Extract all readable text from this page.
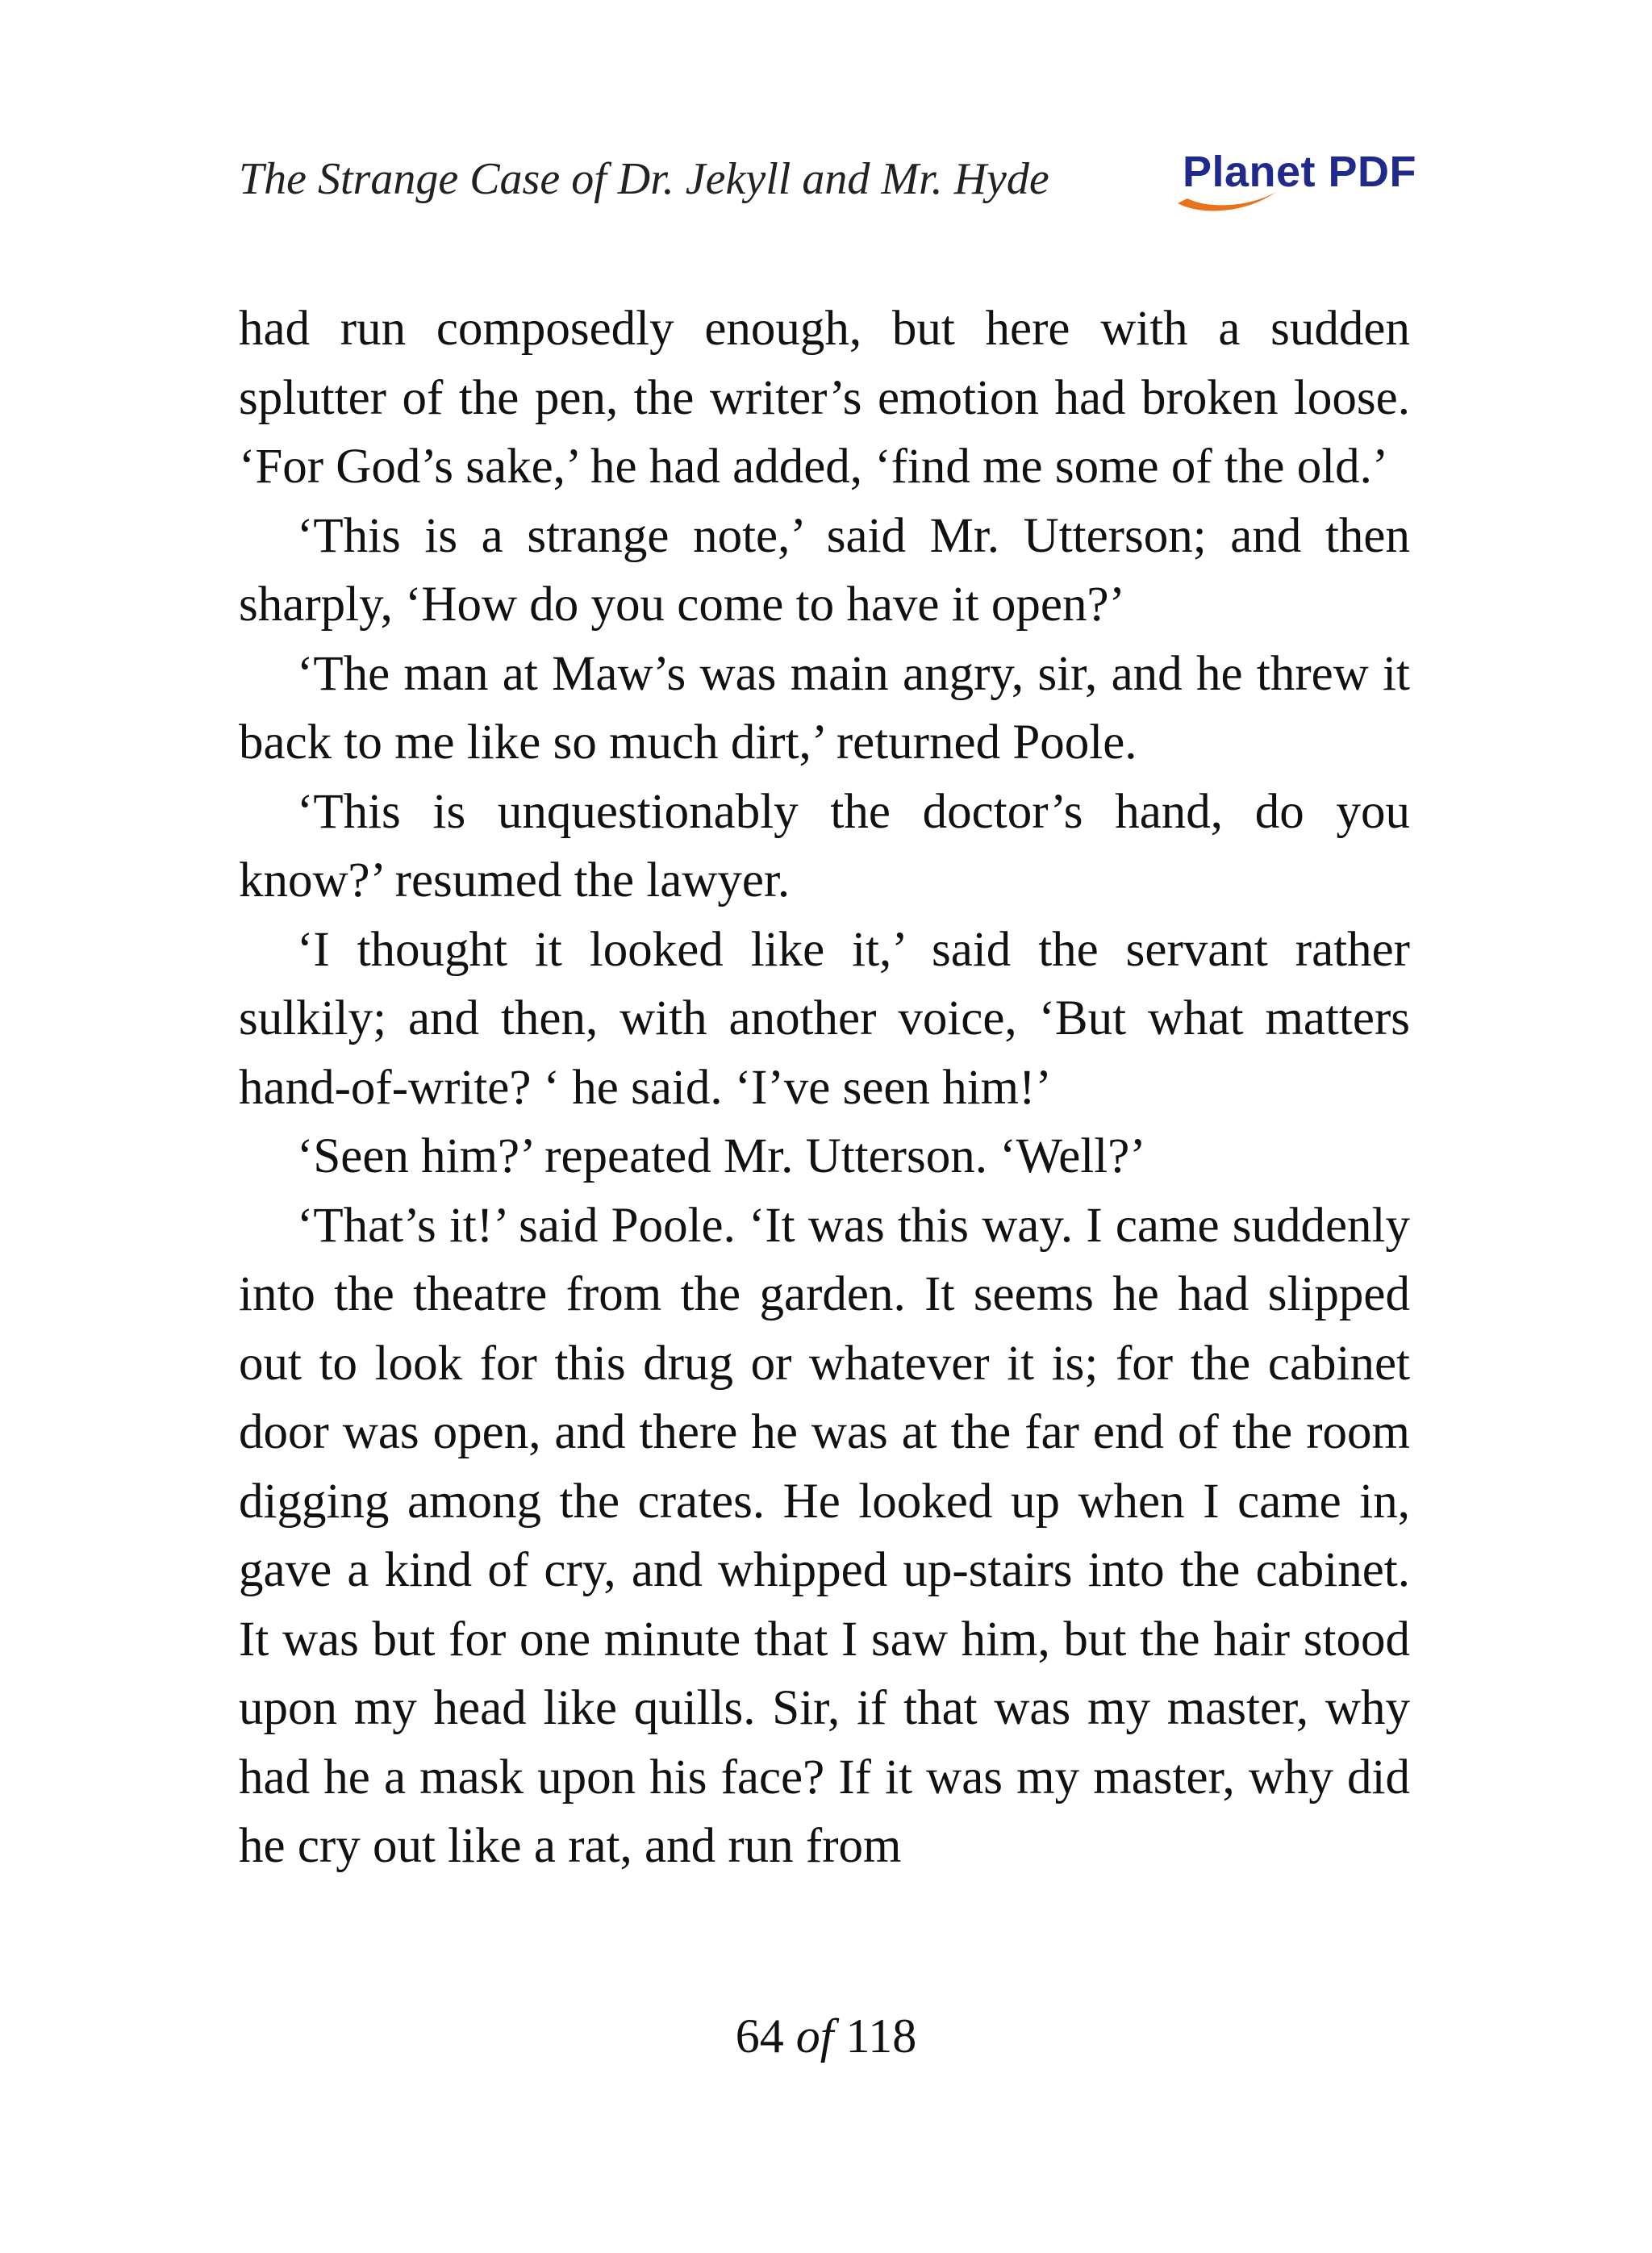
The Strange Case of Dr. Jekyll and Mr. Hyde	Planet PDF

had run composedly enough, but here with a sudden splutter of the pen, the writer’s emotion had broken loose. ‘For God’s sake,’ he had added, ‘find me some of the old.’

‘This is a strange note,’ said Mr. Utterson; and then sharply, ‘How do you come to have it open?’

‘The man at Maw’s was main angry, sir, and he threw it back to me like so much dirt,’ returned Poole.

‘This is unquestionably the doctor’s hand, do you know?’ resumed the lawyer.

‘I thought it looked like it,’ said the servant rather sulkily; and then, with another voice, ‘But what matters hand-of-write? ‘ he said. ‘I’ve seen him!’

‘Seen him?’ repeated Mr. Utterson. ‘Well?’

‘That’s it!’ said Poole. ‘It was this way. I came suddenly into the theatre from the garden. It seems he had slipped out to look for this drug or whatever it is; for the cabinet door was open, and there he was at the far end of the room digging among the crates. He looked up when I came in, gave a kind of cry, and whipped up-stairs into the cabinet. It was but for one minute that I saw him, but the hair stood upon my head like quills. Sir, if that was my master, why had he a mask upon his face? If it was my master, why did he cry out like a rat, and run from

64 of 118
